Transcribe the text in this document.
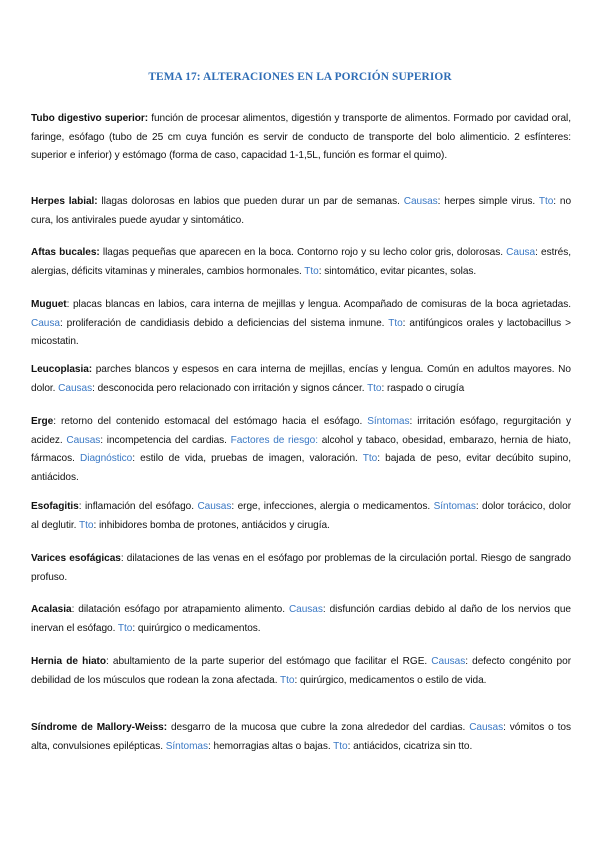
TEMA 17: ALTERACIONES EN LA PORCIÓN SUPERIOR
Tubo digestivo superior: función de procesar alimentos, digestión y transporte de alimentos. Formado por cavidad oral, faringe, esófago (tubo de 25 cm cuya función es servir de conducto de transporte del bolo alimenticio. 2 esfínteres: superior e inferior) y estómago (forma de caso, capacidad 1-1,5L, función es formar el quimo).
Herpes labial: llagas dolorosas en labios que pueden durar un par de semanas. Causas: herpes simple virus. Tto: no cura, los antivirales puede ayudar y sintomático.
Aftas bucales: llagas pequeñas que aparecen en la boca. Contorno rojo y su lecho color gris, dolorosas. Causa: estrés, alergias, déficits vitaminas y minerales, cambios hormonales. Tto: sintomático, evitar picantes, solas.
Muguet: placas blancas en labios, cara interna de mejillas y lengua. Acompañado de comisuras de la boca agrietadas. Causa: proliferación de candidiasis debido a deficiencias del sistema inmune. Tto: antifúngicos orales y lactobacillus > micostatin.
Leucoplasia: parches blancos y espesos en cara interna de mejillas, encías y lengua. Común en adultos mayores. No dolor. Causas: desconocida pero relacionado con irritación y signos cáncer. Tto: raspado o cirugía
Erge: retorno del contenido estomacal del estómago hacia el esófago. Síntomas: irritación esófago, regurgitación y acidez. Causas: incompetencia del cardias. Factores de riesgo: alcohol y tabaco, obesidad, embarazo, hernia de hiato, fármacos. Diagnóstico: estilo de vida, pruebas de imagen, valoración. Tto: bajada de peso, evitar decúbito supino, antiácidos.
Esofagitis: inflamación del esófago. Causas: erge, infecciones, alergia o medicamentos. Síntomas: dolor torácico, dolor al deglutir. Tto: inhibidores bomba de protones, antiácidos y cirugía.
Varices esofágicas: dilataciones de las venas en el esófago por problemas de la circulación portal. Riesgo de sangrado profuso.
Acalasia: dilatación esófago por atrapamiento alimento. Causas: disfunción cardias debido al daño de los nervios que inervan el esófago. Tto: quirúrgico o medicamentos.
Hernia de hiato: abultamiento de la parte superior del estómago que facilitar el RGE. Causas: defecto congénito por debilidad de los músculos que rodean la zona afectada. Tto: quirúrgico, medicamentos o estilo de vida.
Síndrome de Mallory-Weiss: desgarro de la mucosa que cubre la zona alrededor del cardias. Causas: vómitos o tos alta, convulsiones epilépticas. Síntomas: hemorragias altas o bajas. Tto: antiácidos, cicatriza sin tto.
